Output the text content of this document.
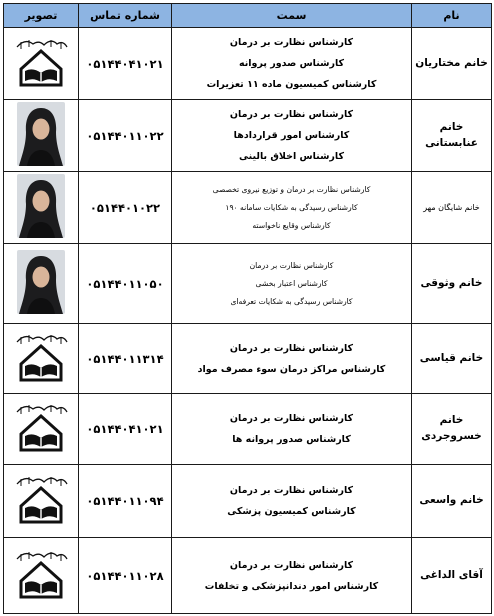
نام	سمت	شماره تماس	تصویر
خانم مختاریان	کارشناس نظارت بر درمان
کارشناس صدور پروانه
کارشناس کمیسیون ماده ۱۱ تعزیرات	۰۵۱۴۴۰۴۱۰۲۱	

خانم عنابستانی	کارشناس نظارت بر درمان
کارشناس امور قراردادها
کارشناس اخلاق بالینی	۰۵۱۴۴۰۱۱۰۲۲	
خانم شایگان مهر	کارشناس نظارت بر درمان و توزیع نیروی تخصصی
کارشناس رسیدگی به شکایات سامانه ۱۹۰
کارشناس وقایع ناخواسته	۰۵۱۴۴۰۱۰۲۲	
خانم وثوقی	کارشناس نظارت بر درمان
کارشناس اعتبار بخشی
کارشناس رسیدگی به شکایات تعرفه‌ای	۰۵۱۴۴۰۱۱۰۵۰	
خانم قیاسی	کارشناس نظارت بر درمان
کارشناس مراکز درمان سوء مصرف مواد	۰۵۱۴۴۰۱۱۳۱۴	

خانم خسروجردی	کارشناس نظارت بر درمان
کارشناس صدور پروانه ها	۰۵۱۴۴۰۴۱۰۲۱	

خانم واسعی	کارشناس نظارت بر درمان
کارشناس کمیسیون پزشکی	۰۵۱۴۴۰۱۱۰۹۴	

آقای الداغی	کارشناس نظارت بر درمان
کارشناس امور دندانپزشکی و تخلفات	۰۵۱۴۴۰۱۱۰۲۸	
